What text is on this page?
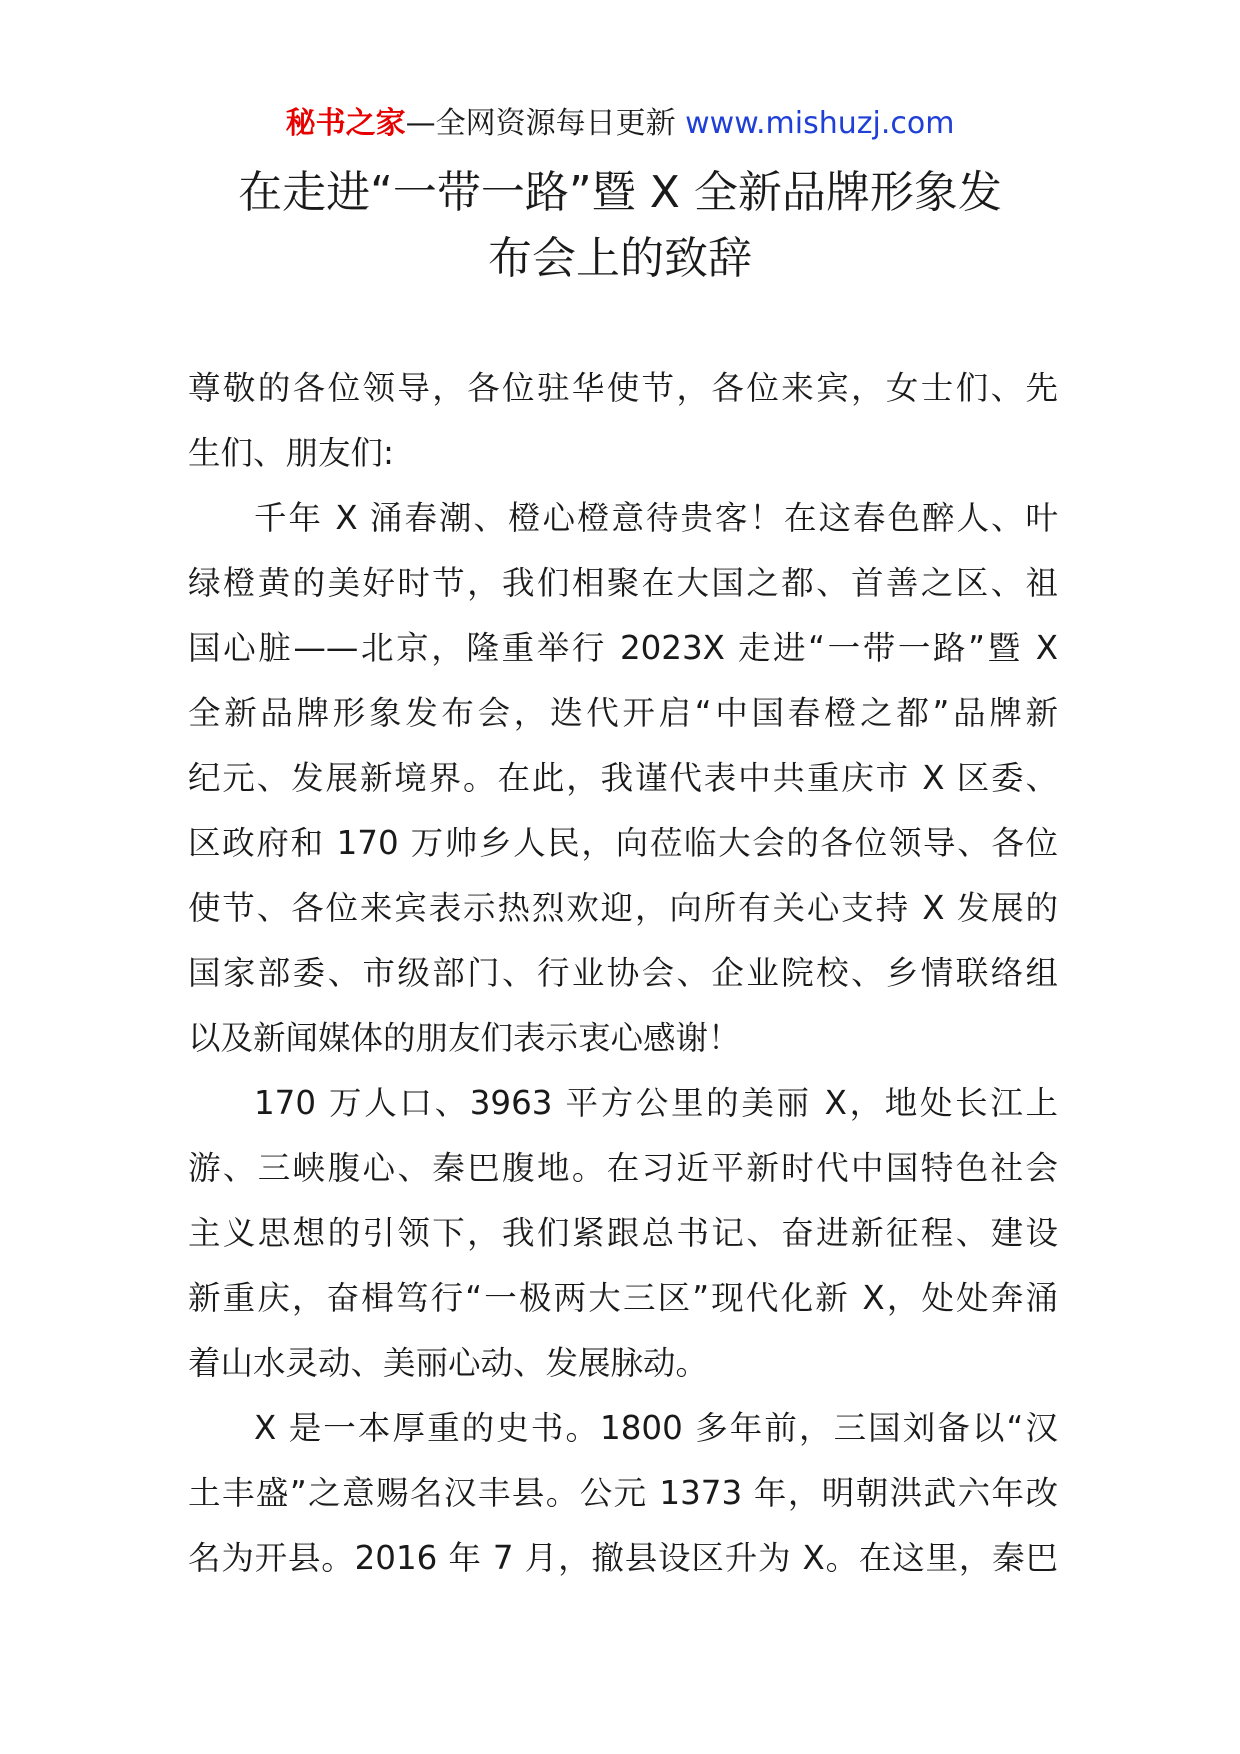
秘书之家—全网资源每日更新 www.mishuzj.com
在走进“一带一路”暨 X 全新品牌形象发
布会上的致辞
尊敬的各位领导，各位驻华使节，各位来宾，女士们、先
生们、朋友们:
千年 X 涌春潮、橙心橙意待贵客！在这春色醉人、叶
绿橙黄的美好时节，我们相聚在大国之都、首善之区、祖
国心脏——北京，隆重举行 2023X 走进“一带一路”暨 X
全新品牌形象发布会，迭代开启“中国春橙之都”品牌新
纪元、发展新境界。在此，我谨代表中共重庆市 X 区委、
区政府和 170 万帅乡人民，向莅临大会的各位领导、各位
使节、各位来宾表示热烈欢迎，向所有关心支持 X 发展的
国家部委、市级部门、行业协会、企业院校、乡情联络组
以及新闻媒体的朋友们表示衷心感谢！
170 万人口、3963 平方公里的美丽 X，地处长江上
游、三峡腹心、秦巴腹地。在习近平新时代中国特色社会
主义思想的引领下，我们紧跟总书记、奋进新征程、建设
新重庆，奋楫笃行“一极两大三区”现代化新 X，处处奔涌
着山水灵动、美丽心动、发展脉动。
X 是一本厚重的史书。1800 多年前，三国刘备以“汉
土丰盛”之意赐名汉丰县。公元 1373 年，明朝洪武六年改
名为开县。2016 年 7 月，撤县设区升为 X。在这里，秦巴
